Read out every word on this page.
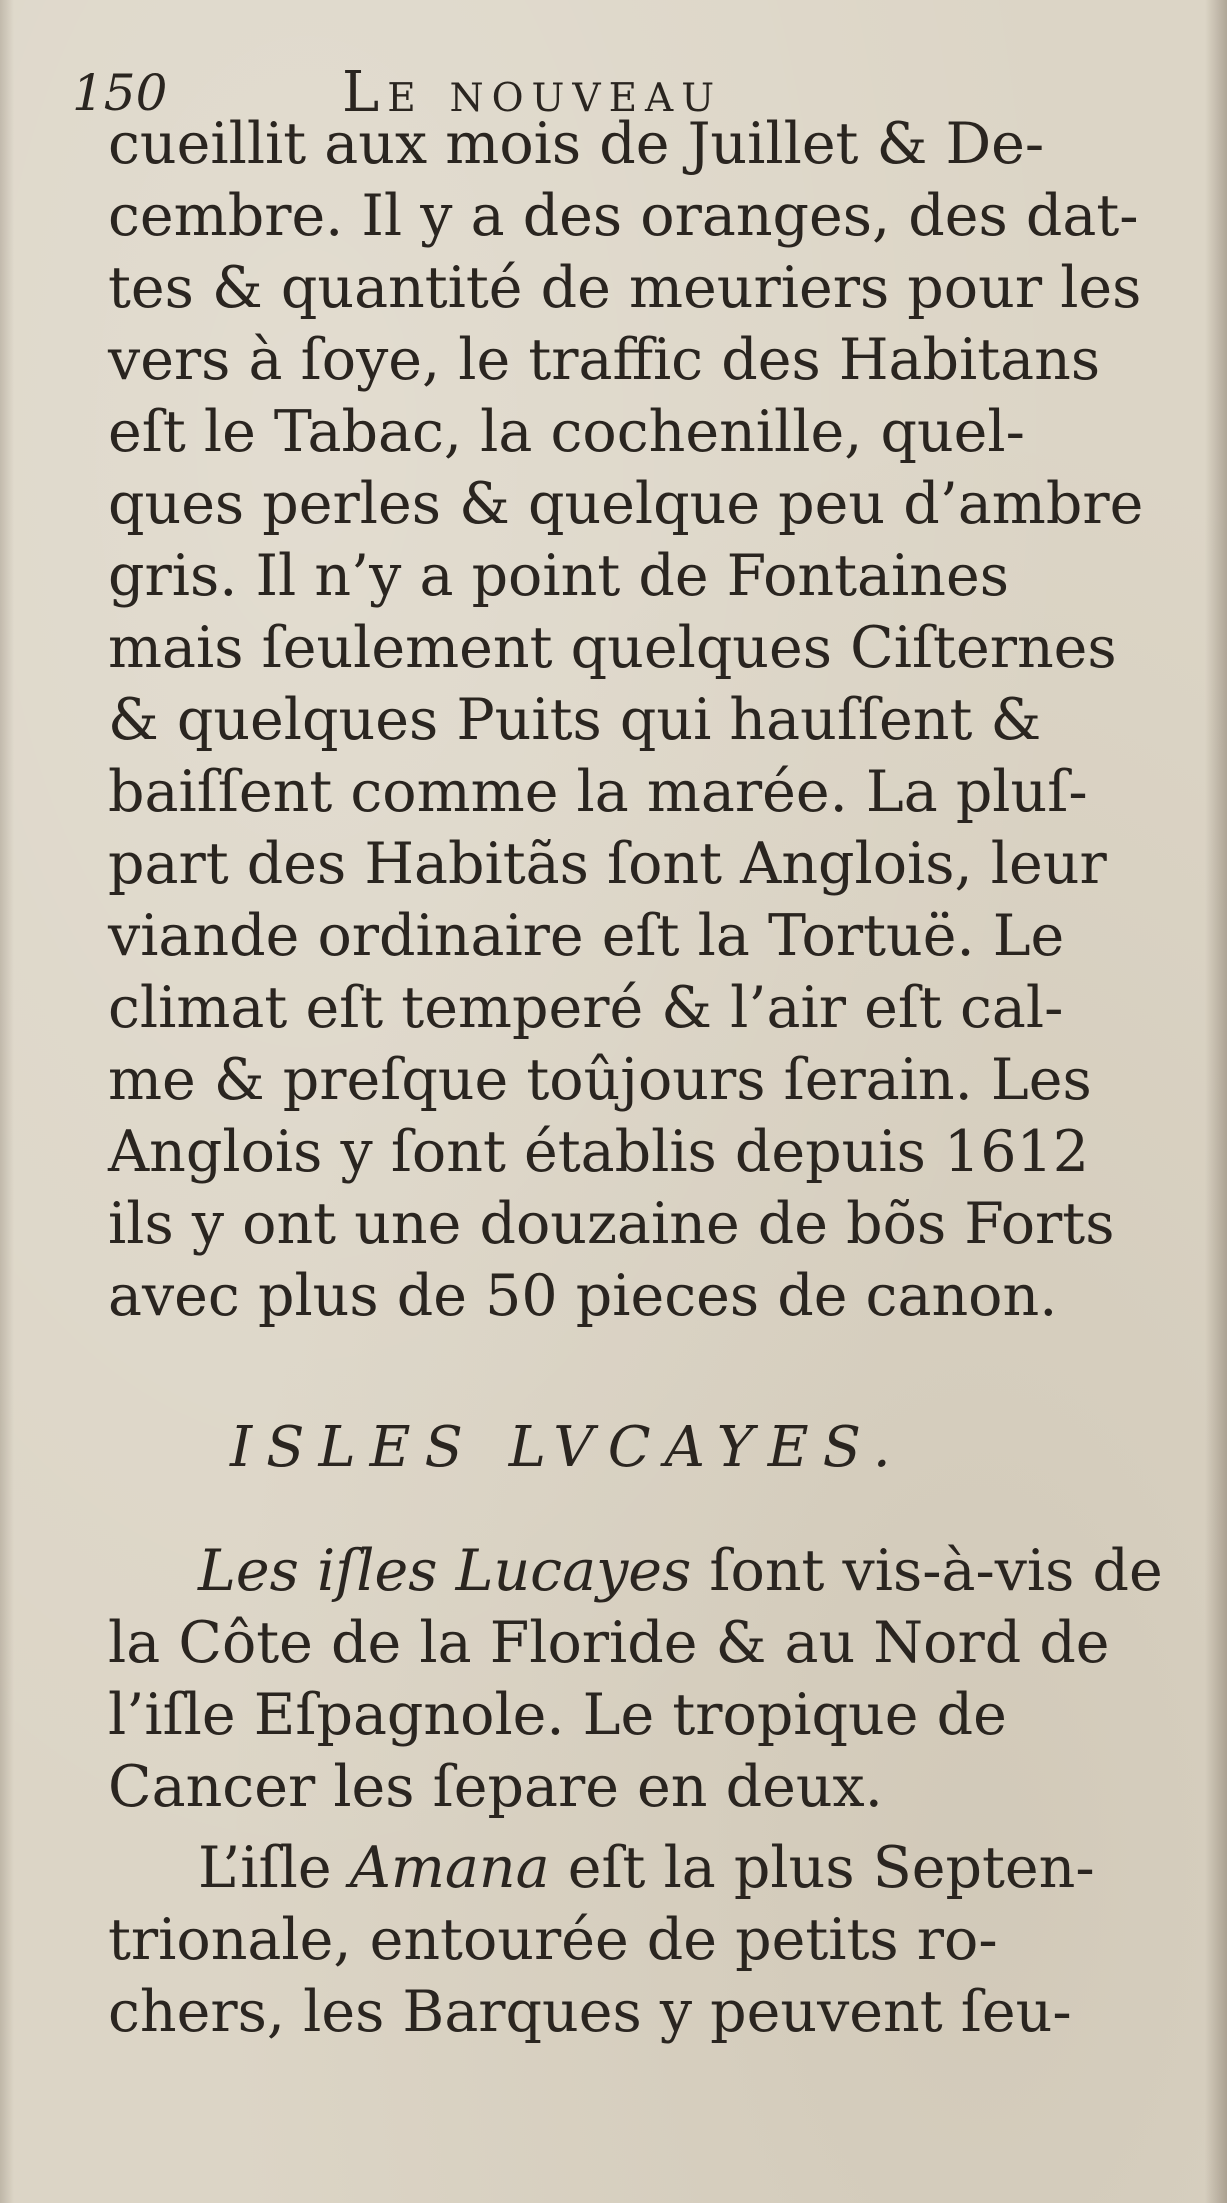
150	Le nouveau
cueillit aux mois de Juillet & De-
cembre. Il y a des oranges, des dat-
tes & quantité de meuriers pour les
vers à ſoye, le traffic des Habitans
eſt le Tabac, la cochenille, quel-
ques perles & quelque peu d’ambre
gris. Il n’y a point de Fontaines
mais ſeulement quelques Ciſternes
& quelques Puits qui hauſſent &
baiſſent comme la marée. La pluſ-
part des Habitãs ſont Anglois, leur
viande ordinaire eſt la Tortuë. Le
climat eſt temperé & l’air eſt cal-
me & preſque toûjours ſerain. Les
Anglois y ſont établis depuis 1612
ils y ont une douzaine de bõs Forts
avec plus de 50 pieces de canon.
ISLES LVCAYES.
Les iſles Lucayes ſont vis-à-vis de
la Côte de la Floride & au Nord de
l’iſle Eſpagnole. Le tropique de
Cancer les ſepare en deux.
L’iſle Amana eſt la plus Septen-
trionale, entourée de petits ro-
chers, les Barques y peuvent ſeu-
